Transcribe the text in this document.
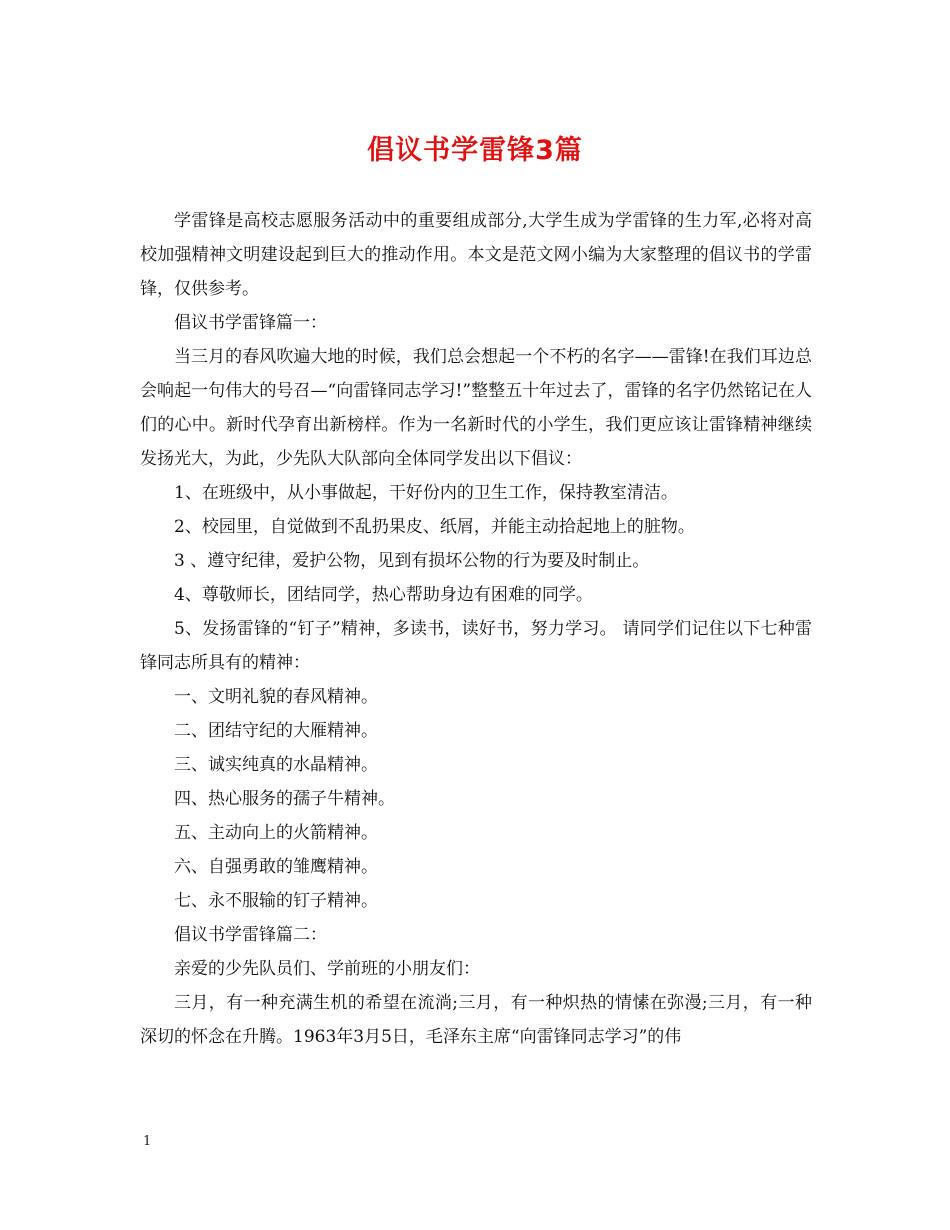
倡议书学雷锋3篇

学雷锋是高校志愿服务活动中的重要组成部分,大学生成为学雷锋的生力军,必将对高校加强精神文明建设起到巨大的推动作用。本文是范文网小编为大家整理的倡议书的学雷锋，仅供参考。

倡议书学雷锋篇一：

当三月的春风吹遍大地的时候，我们总会想起一个不朽的名字——雷锋!在我们耳边总会响起一句伟大的号召—“向雷锋同志学习!”整整五十年过去了，雷锋的名字仍然铭记在人们的心中。新时代孕育出新榜样。作为一名新时代的小学生，我们更应该让雷锋精神继续发扬光大，为此，少先队大队部向全体同学发出以下倡议：

1、在班级中，从小事做起，干好份内的卫生工作，保持教室清洁。

2、校园里，自觉做到不乱扔果皮、纸屑，并能主动拾起地上的脏物。

3 、遵守纪律，爱护公物，见到有损坏公物的行为要及时制止。

4、尊敬师长，团结同学，热心帮助身边有困难的同学。

5、发扬雷锋的“钉子”精神，多读书，读好书，努力学习。 请同学们记住以下七种雷锋同志所具有的精神：

一、文明礼貌的春风精神。

二、团结守纪的大雁精神。

三、诚实纯真的水晶精神。

四、热心服务的孺子牛精神。

五、主动向上的火箭精神。

六、自强勇敢的雏鹰精神。

七、永不服输的钉子精神。

倡议书学雷锋篇二：

亲爱的少先队员们、学前班的小朋友们：

三月，有一种充满生机的希望在流淌;三月，有一种炽热的情愫在弥漫;三月，有一种深切的怀念在升腾。1963年3月5日，毛泽东主席“向雷锋同志学习”的伟

1
